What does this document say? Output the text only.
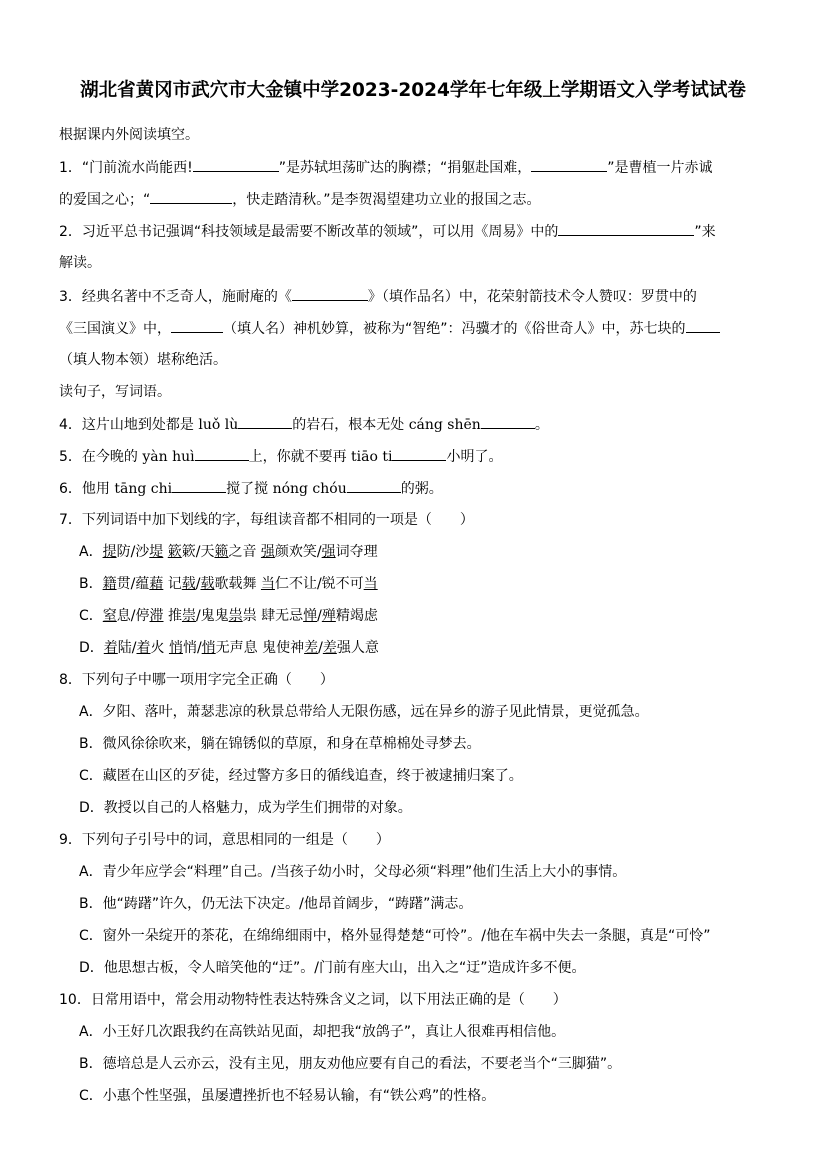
湖北省黄冈市武穴市大金镇中学2023-2024学年七年级上学期语文入学考试试卷
根据课内外阅读填空。
1．“门前流水尚能西!	”是苏轼坦荡旷达的胸襟；“捐躯赴国难，	”是曹植一片赤诚
的爱国之心；“	，快走踏清秋。”是李贺渴望建功立业的报国之志。
2．习近平总书记强调“科技领域是最需要不断改革的领域”，可以用《周易》中的	”来
解读。
3．经典名著中不乏奇人，施耐庵的《	》（填作品名）中，花荣射箭技术令人赞叹：罗贯中的
《三国演义》中，	（填人名）神机妙算，被称为“智绝”：冯骥才的《俗世奇人》中，苏七块的
（填人物本领）堪称绝活。
读句子，写词语。
4．这片山地到处都是 luǒ lù	的岩石，根本无处 cáng shēn	。
5．在今晚的 yàn huì	上，你就不要再 tiāo ti	小明了。
6．他用 tāng chi	搅了搅 nóng chóu	的粥。
7．下列词语中加下划线的字，每组读音都不相同的一项是（　　）
A．提防/沙堤 簌簌/天籁之音 强颜欢笑/强词夺理
B．籍贯/蕴藉 记载/载歌载舞 当仁不让/锐不可当
C．窒息/停滞 推崇/鬼鬼祟祟 肆无忌惮/殚精竭虑
D．着陆/着火 悄悄/悄无声息 鬼使神差/差强人意
8．下列句子中哪一项用字完全正确（　　）
A．夕阳、落叶，萧瑟悲凉的秋景总带给人无限伤感，远在异乡的游子见此情景，更觉孤急。
B．微风徐徐吹来，躺在锦锈似的草原，和身在草棉棉处寻梦去。
C．藏匿在山区的歹徒，经过警方多日的循线追查，终于被逮捕归案了。
D．教授以自己的人格魅力，成为学生们拥带的对象。
9．下列句子引号中的词，意思相同的一组是（　　）
A．青少年应学会“料理”自己。/当孩子幼小时，父母必须“料理”他们生活上大小的事情。
B．他“踌躇”许久，仍无法下决定。/他昂首阔步，“踌躇”满志。
C．窗外一朵绽开的茶花，在绵绵细雨中，格外显得楚楚“可怜”。/他在车祸中失去一条腿，真是“可怜”
D．他思想古板，令人暗笑他的“迂”。/门前有座大山，出入之“迂”造成许多不便。
10．日常用语中，常会用动物特性表达特殊含义之词，以下用法正确的是（　　）
A．小王好几次跟我约在高铁站见面，却把我“放鸽子”，真让人很难再相信他。
B．德培总是人云亦云，没有主见，朋友劝他应要有自己的看法，不要老当个“三脚猫”。
C．小惠个性坚强，虽屡遭挫折也不轻易认输，有“铁公鸡”的性格。
